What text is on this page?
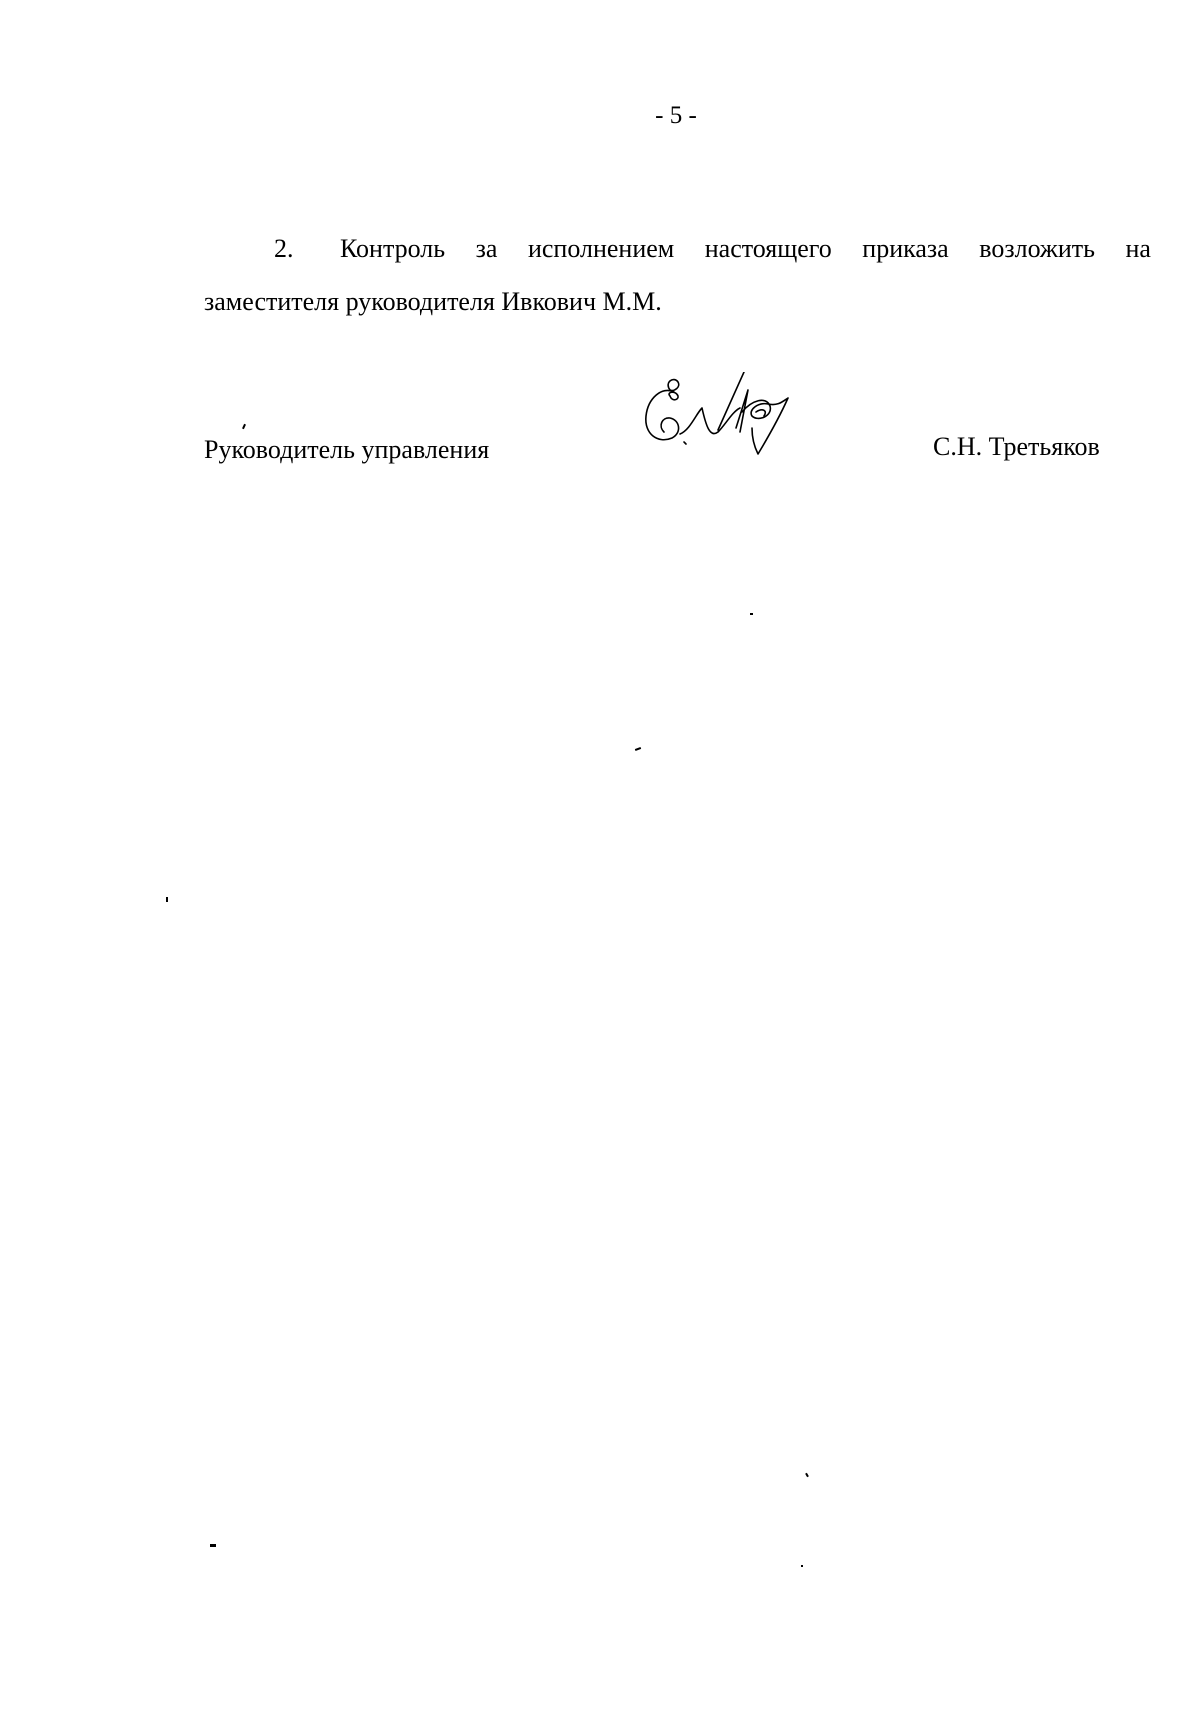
- 5 -
2.	Контроль за исполнением настоящего приказа возложить на
заместителя руководителя Ивкович М.М.
Руководитель управления	С.Н. Третьяков
